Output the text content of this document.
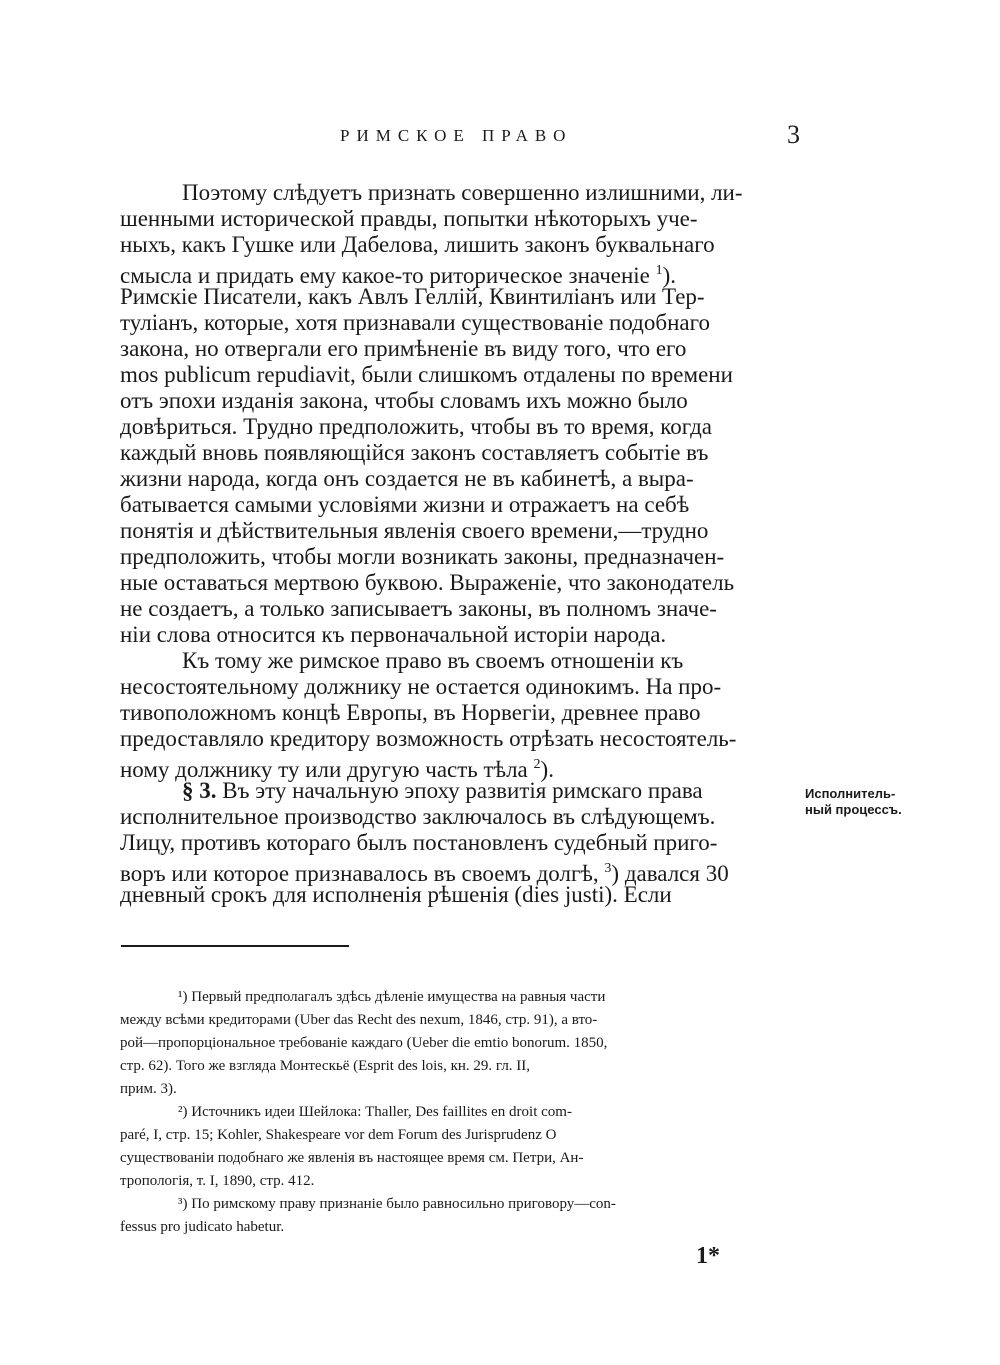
РИМСКОЕ ПРАВО	3
Поэтому слѣдуетъ признать совершенно излишними, ли-
шенными исторической правды, попытки нѣкоторыхъ уче-
ныхъ, какъ Гушке или Дабелова, лишить законъ буквальнаго
смысла и придать ему какое-то риторическое значеніе $^1$).
Римскіе Писатели, какъ Авлъ Геллій, Квинтиліанъ или Тер-
туліанъ, которые, хотя признавали существованіе подобнаго
закона, но отвергали его примѣненіе въ виду того, что его
mos publicum repudiavit, были слишкомъ отдалены по времени
отъ эпохи изданія закона, чтобы словамъ ихъ можно было
довѣриться. Трудно предположить, чтобы въ то время, когда
каждый вновь появляющійся законъ составляетъ событіе въ
жизни народа, когда онъ создается не въ кабинетѣ, а выра-
батывается самыми условіями жизни и отражаетъ на себѣ
понятія и дѣйствительныя явленія своего времени,—трудно
предположить, чтобы могли возникать законы, предназначен-
ные оставаться мертвою буквою. Выраженіе, что законодатель
не создаетъ, а только записываетъ законы, въ полномъ значе-
ніи слова относится къ первоначальной исторіи народа.
Къ тому же римское право въ своемъ отношеніи къ
несостоятельному должнику не остается одинокимъ. На про-
тивоположномъ концѣ Европы, въ Норвегіи, древнее право
предоставляло кредитору возможность отрѣзать несостоятель-
ному должнику ту или другую часть тѣла $^2$).
§ 3. Въ эту начальную эпоху развитія римскаго права
исполнительное производство заключалось въ слѣдующемъ.
Лицу, противъ котораго былъ постановленъ судебный приго-
воръ или которое признавалось въ своемъ долгѣ, $^3$) давался 30
дневный срокъ для исполненія рѣшенія (dies justi). Если
Исполнитель-
ный процессъ.
¹) Первый предполагалъ здѣсь дѣленіе имущества на равныя части
между всѣми кредиторами (Uber das Recht des nexum, 1846, стр. 91), а вто-
рой—пропорціональное требованіе каждаго (Ueber die emtio bonorum. 1850,
стр. 62). Того же взгляда Монтескьё (Esprit des lois, кн. 29. гл. II,
прим. 3).
²) Источникъ идеи Шейлока: Thaller, Des faillites en droit com-
paré, I, стр. 15; Kohler, Shakespeare vor dem Forum des Jurisprudenz О
существованіи подобнаго же явленія въ настоящее время см. Петри, Ан-
тропологія, т. I, 1890, стр. 412.
³) По римскому праву признаніе было равносильно приговору—con-
fessus pro judicato habetur.
1*
